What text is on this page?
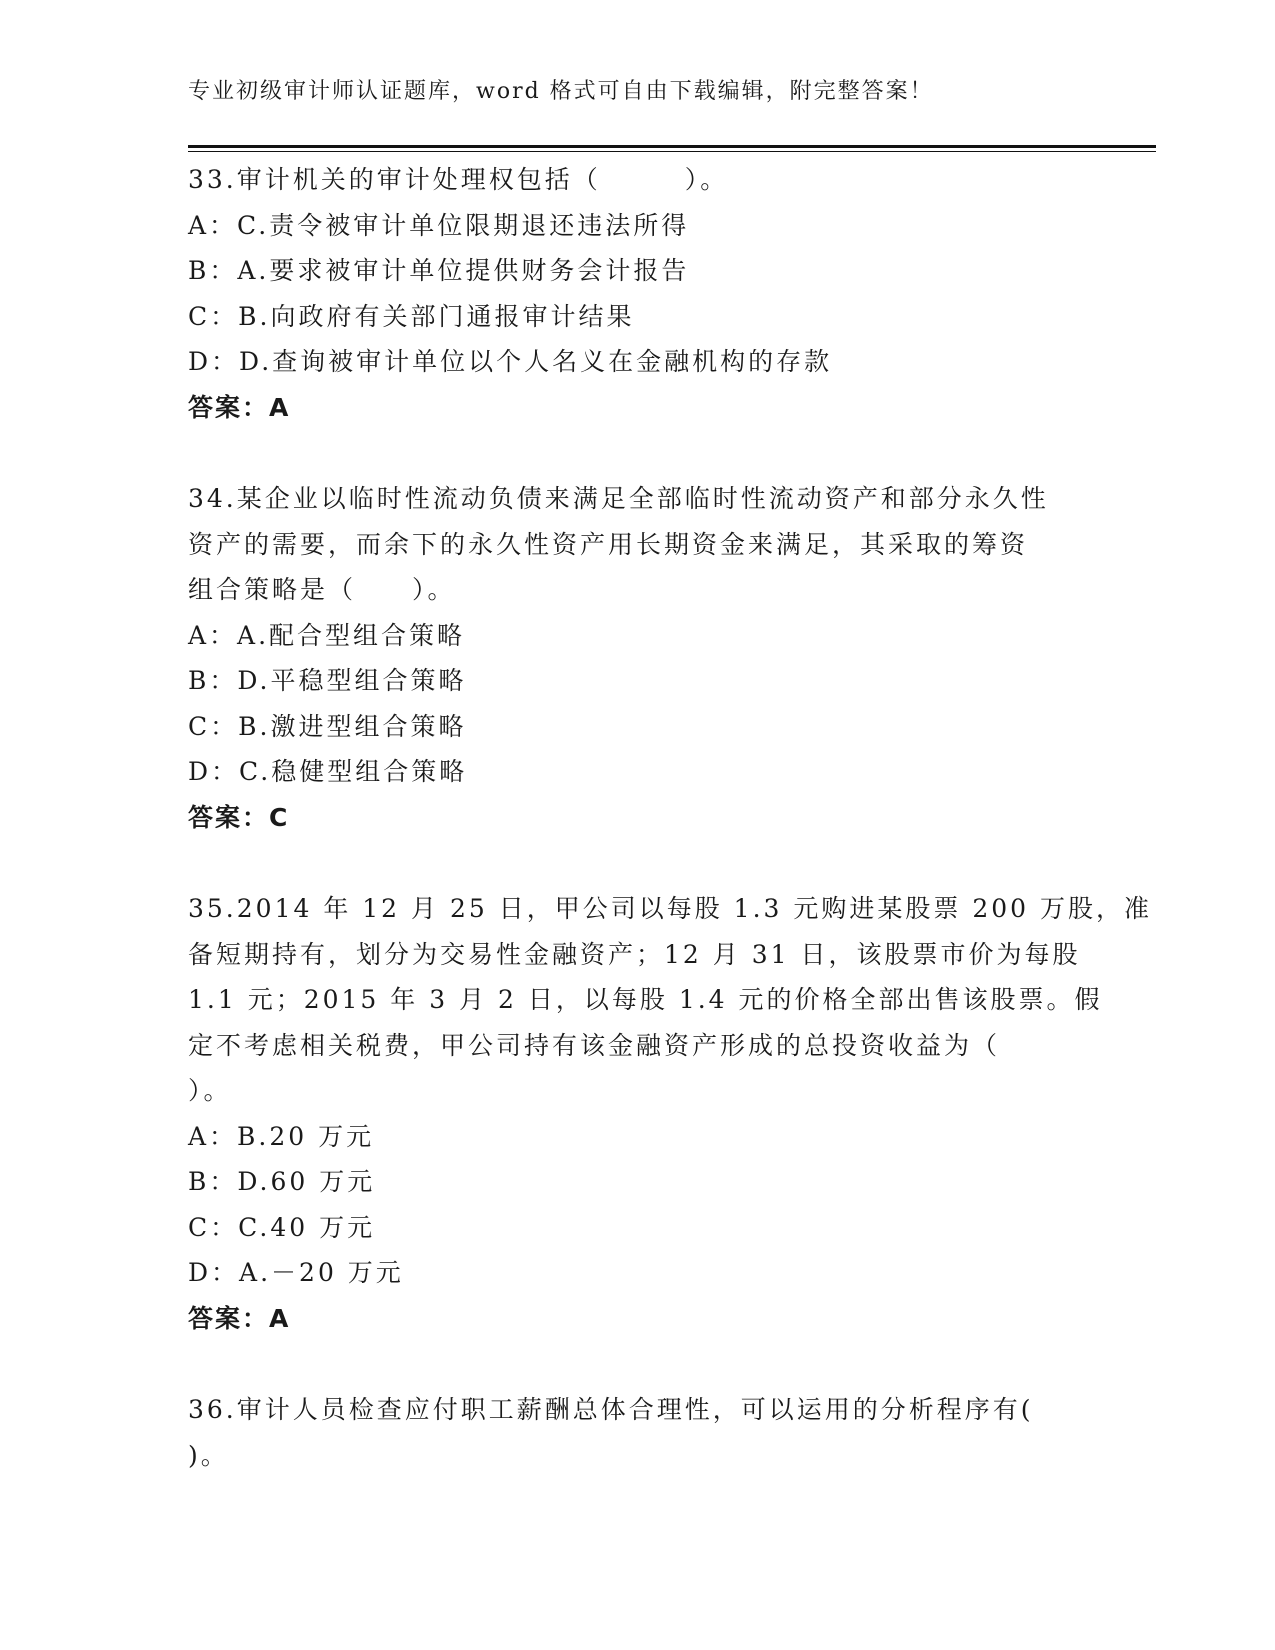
专业初级审计师认证题库，word 格式可自由下载编辑，附完整答案！
33.审计机关的审计处理权包括（　　　）。
A：C.责令被审计单位限期退还违法所得
B：A.要求被审计单位提供财务会计报告
C：B.向政府有关部门通报审计结果
D：D.查询被审计单位以个人名义在金融机构的存款
答案：A
34.某企业以临时性流动负债来满足全部临时性流动资产和部分永久性
资产的需要，而余下的永久性资产用长期资金来满足，其采取的筹资
组合策略是（　　）。
A：A.配合型组合策略
B：D.平稳型组合策略
C：B.激进型组合策略
D：C.稳健型组合策略
答案：C
35.2014 年 12 月 25 日，甲公司以每股 1.3 元购进某股票 200 万股，准
备短期持有，划分为交易性金融资产；12 月 31 日，该股票市价为每股
1.1 元；2015 年 3 月 2 日，以每股 1.4 元的价格全部出售该股票。假
定不考虑相关税费，甲公司持有该金融资产形成的总投资收益为（
）。
A：B.20 万元
B：D.60 万元
C：C.40 万元
D：A.－20 万元
答案：A
36.审计人员检查应付职工薪酬总体合理性，可以运用的分析程序有(
)。
